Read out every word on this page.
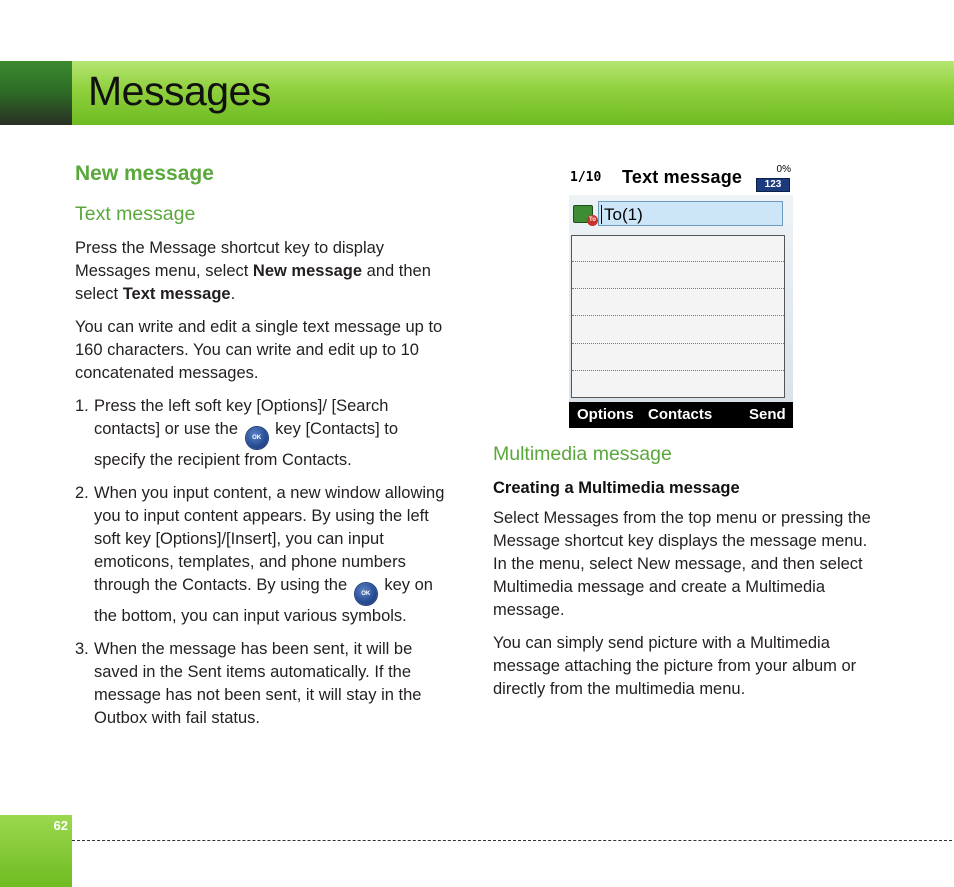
Messages
New message
Text message

Press the Message shortcut key to display Messages menu, select New message and then select Text message.

You can write and edit a single text message up to 160 characters. You can write and edit up to 10 concatenated messages.

1. Press the left soft key [Options]/ [Search contacts] or use the OK key [Contacts] to specify the recipient from Contacts.
2. When you input content, a new window allowing you to input content appears. By using the left soft key [Options]/[Insert], you can input emoticons, templates, and phone numbers through the Contacts. By using the OK key on the bottom, you can input various symbols.
3. When the message has been sent, it will be saved in the Sent items automatically. If the message has not been sent, it will stay in the Outbox with fail status.
1/10 Text message	0%
123
To To(1)
Options Contacts Send
Multimedia message
Creating a Multimedia message

Select Messages from the top menu or pressing the Message shortcut key displays the message menu. In the menu, select New message, and then select Multimedia message and create a Multimedia message.

You can simply send picture with a Multimedia message attaching the picture from your album or directly from the multimedia menu.

62
